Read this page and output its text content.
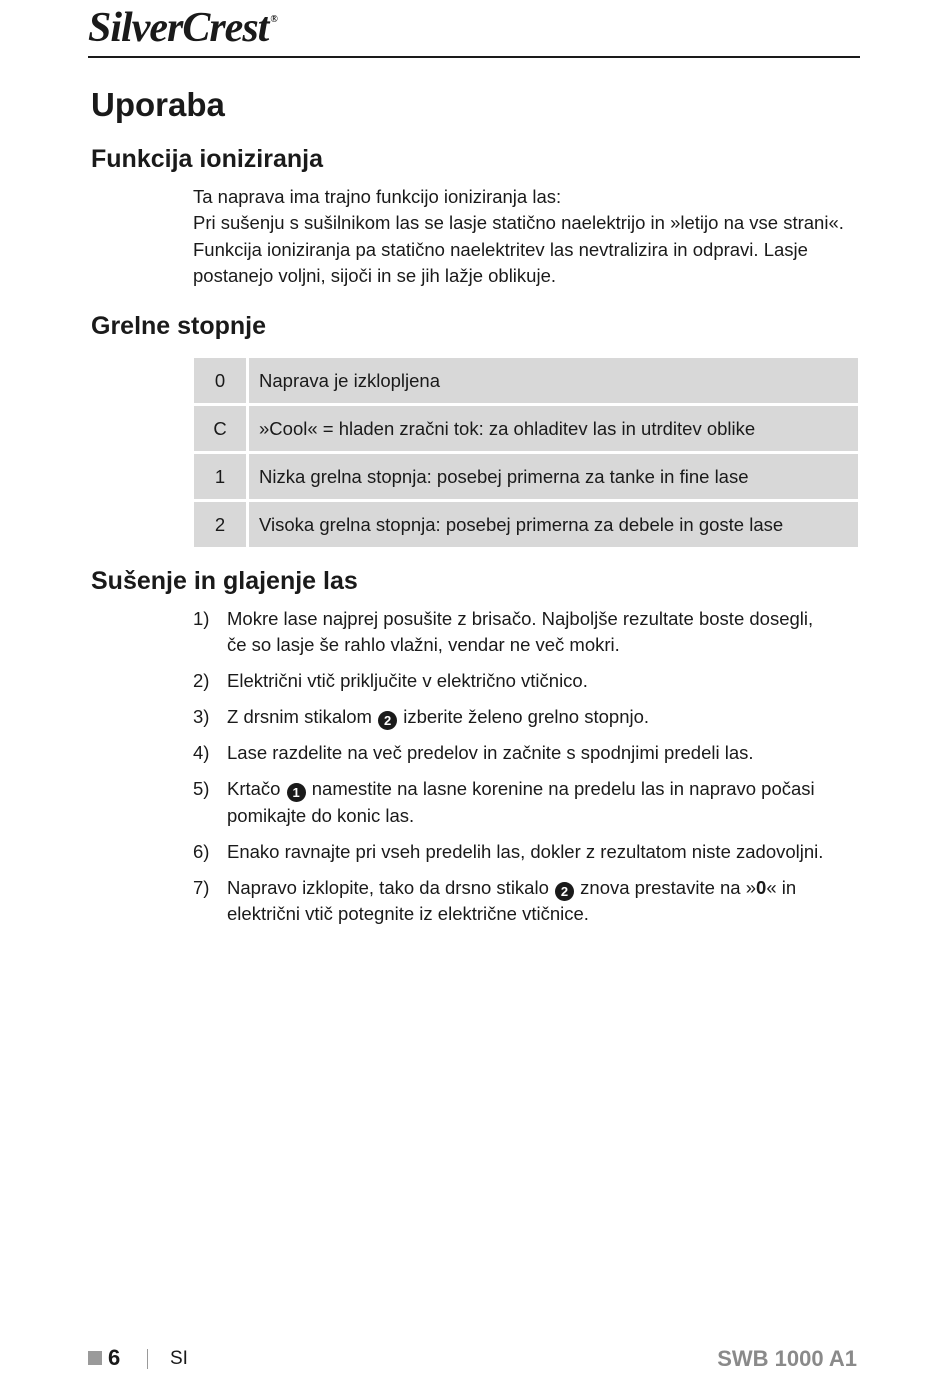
SilverCrest ®
Uporaba
Funkcija ioniziranja
Ta naprava ima trajno funkcijo ioniziranja las:
Pri sušenju s sušilnikom las se lasje statično naelektrijo in »letijo na vse strani«.
Funkcija ioniziranja pa statično naelektritev las nevtralizira in odpravi. Lasje
postanejo voljni, sijoči in se jih lažje oblikuje.
Grelne stopnje
0	Naprava je izklopljena
C	»Cool« = hladen zračni tok: za ohladitev las in utrditev oblike
1	Nizka grelna stopnja: posebej primerna za tanke in fine lase
2	Visoka grelna stopnja: posebej primerna za debele in goste lase
Sušenje in glajenje las
1) Mokre lase najprej posušite z brisačo. Najboljše rezultate boste dosegli,
če so lasje še rahlo vlažni, vendar ne več mokri.
2) Električni vtič priključite v električno vtičnico.
3) Z drsnim stikalom 2 izberite želeno grelno stopnjo.
4) Lase razdelite na več predelov in začnite s spodnjimi predeli las.
5) Krtačo 1 namestite na lasne korenine na predelu las in napravo počasi
pomikajte do konic las.
6) Enako ravnajte pri vseh predelih las, dokler z rezultatom niste zadovoljni.
7) Napravo izklopite, tako da drsno stikalo 2 znova prestavite na »0« in
električni vtič potegnite iz električne vtičnice.
6	SI	SWB 1000 A1
